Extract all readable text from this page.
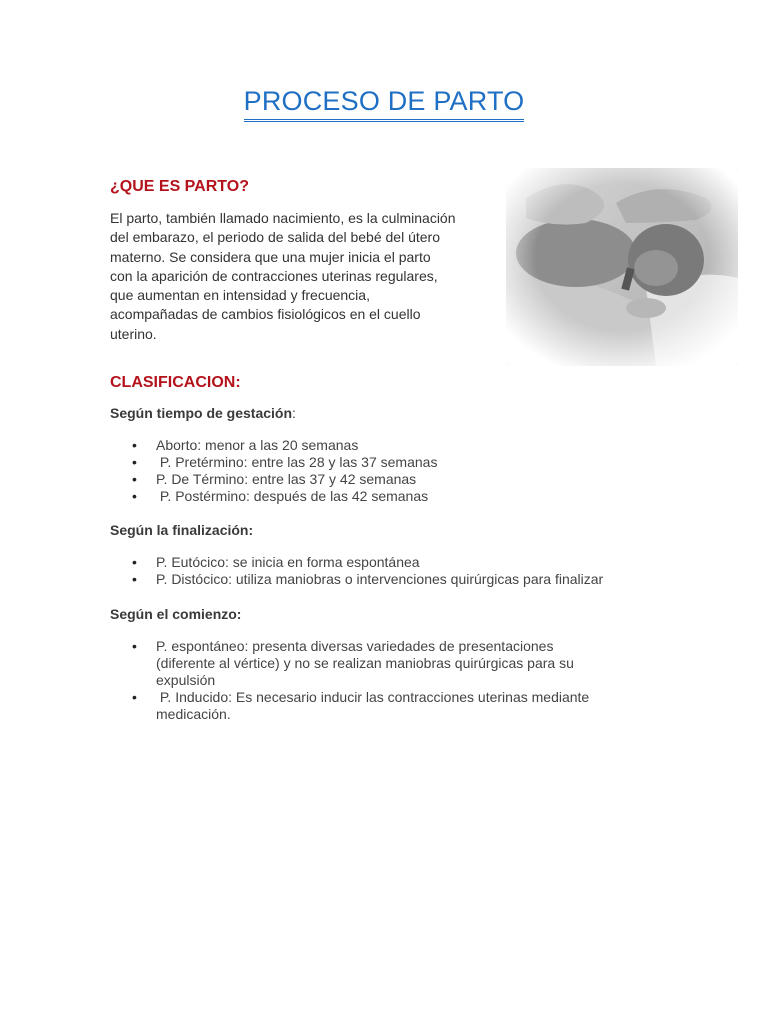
PROCESO DE PARTO
¿QUE ES PARTO?
El parto, también llamado nacimiento, es la culminación
del embarazo, el periodo de salida del bebé del útero
materno. Se considera que una mujer inicia el parto
con la aparición de contracciones uterinas regulares,
que aumentan en intensidad y frecuencia,
acompañadas de cambios fisiológicos en el cuello
uterino.
CLASIFICACION:
Según tiempo de gestación:
• Aborto: menor a las 20 semanas
• P. Pretérmino: entre las 28 y las 37 semanas
• P. De Término: entre las 37 y 42 semanas
• P. Postérmino: después de las 42 semanas
Según la finalización:
• P. Eutócico: se inicia en forma espontánea
• P. Distócico: utiliza maniobras o intervenciones quirúrgicas para finalizar
Según el comienzo:
• P. espontáneo: presenta diversas variedades de presentaciones
(diferente al vértice) y no se realizan maniobras quirúrgicas para su
expulsión
• P. Inducido: Es necesario inducir las contracciones uterinas mediante
medicación.
